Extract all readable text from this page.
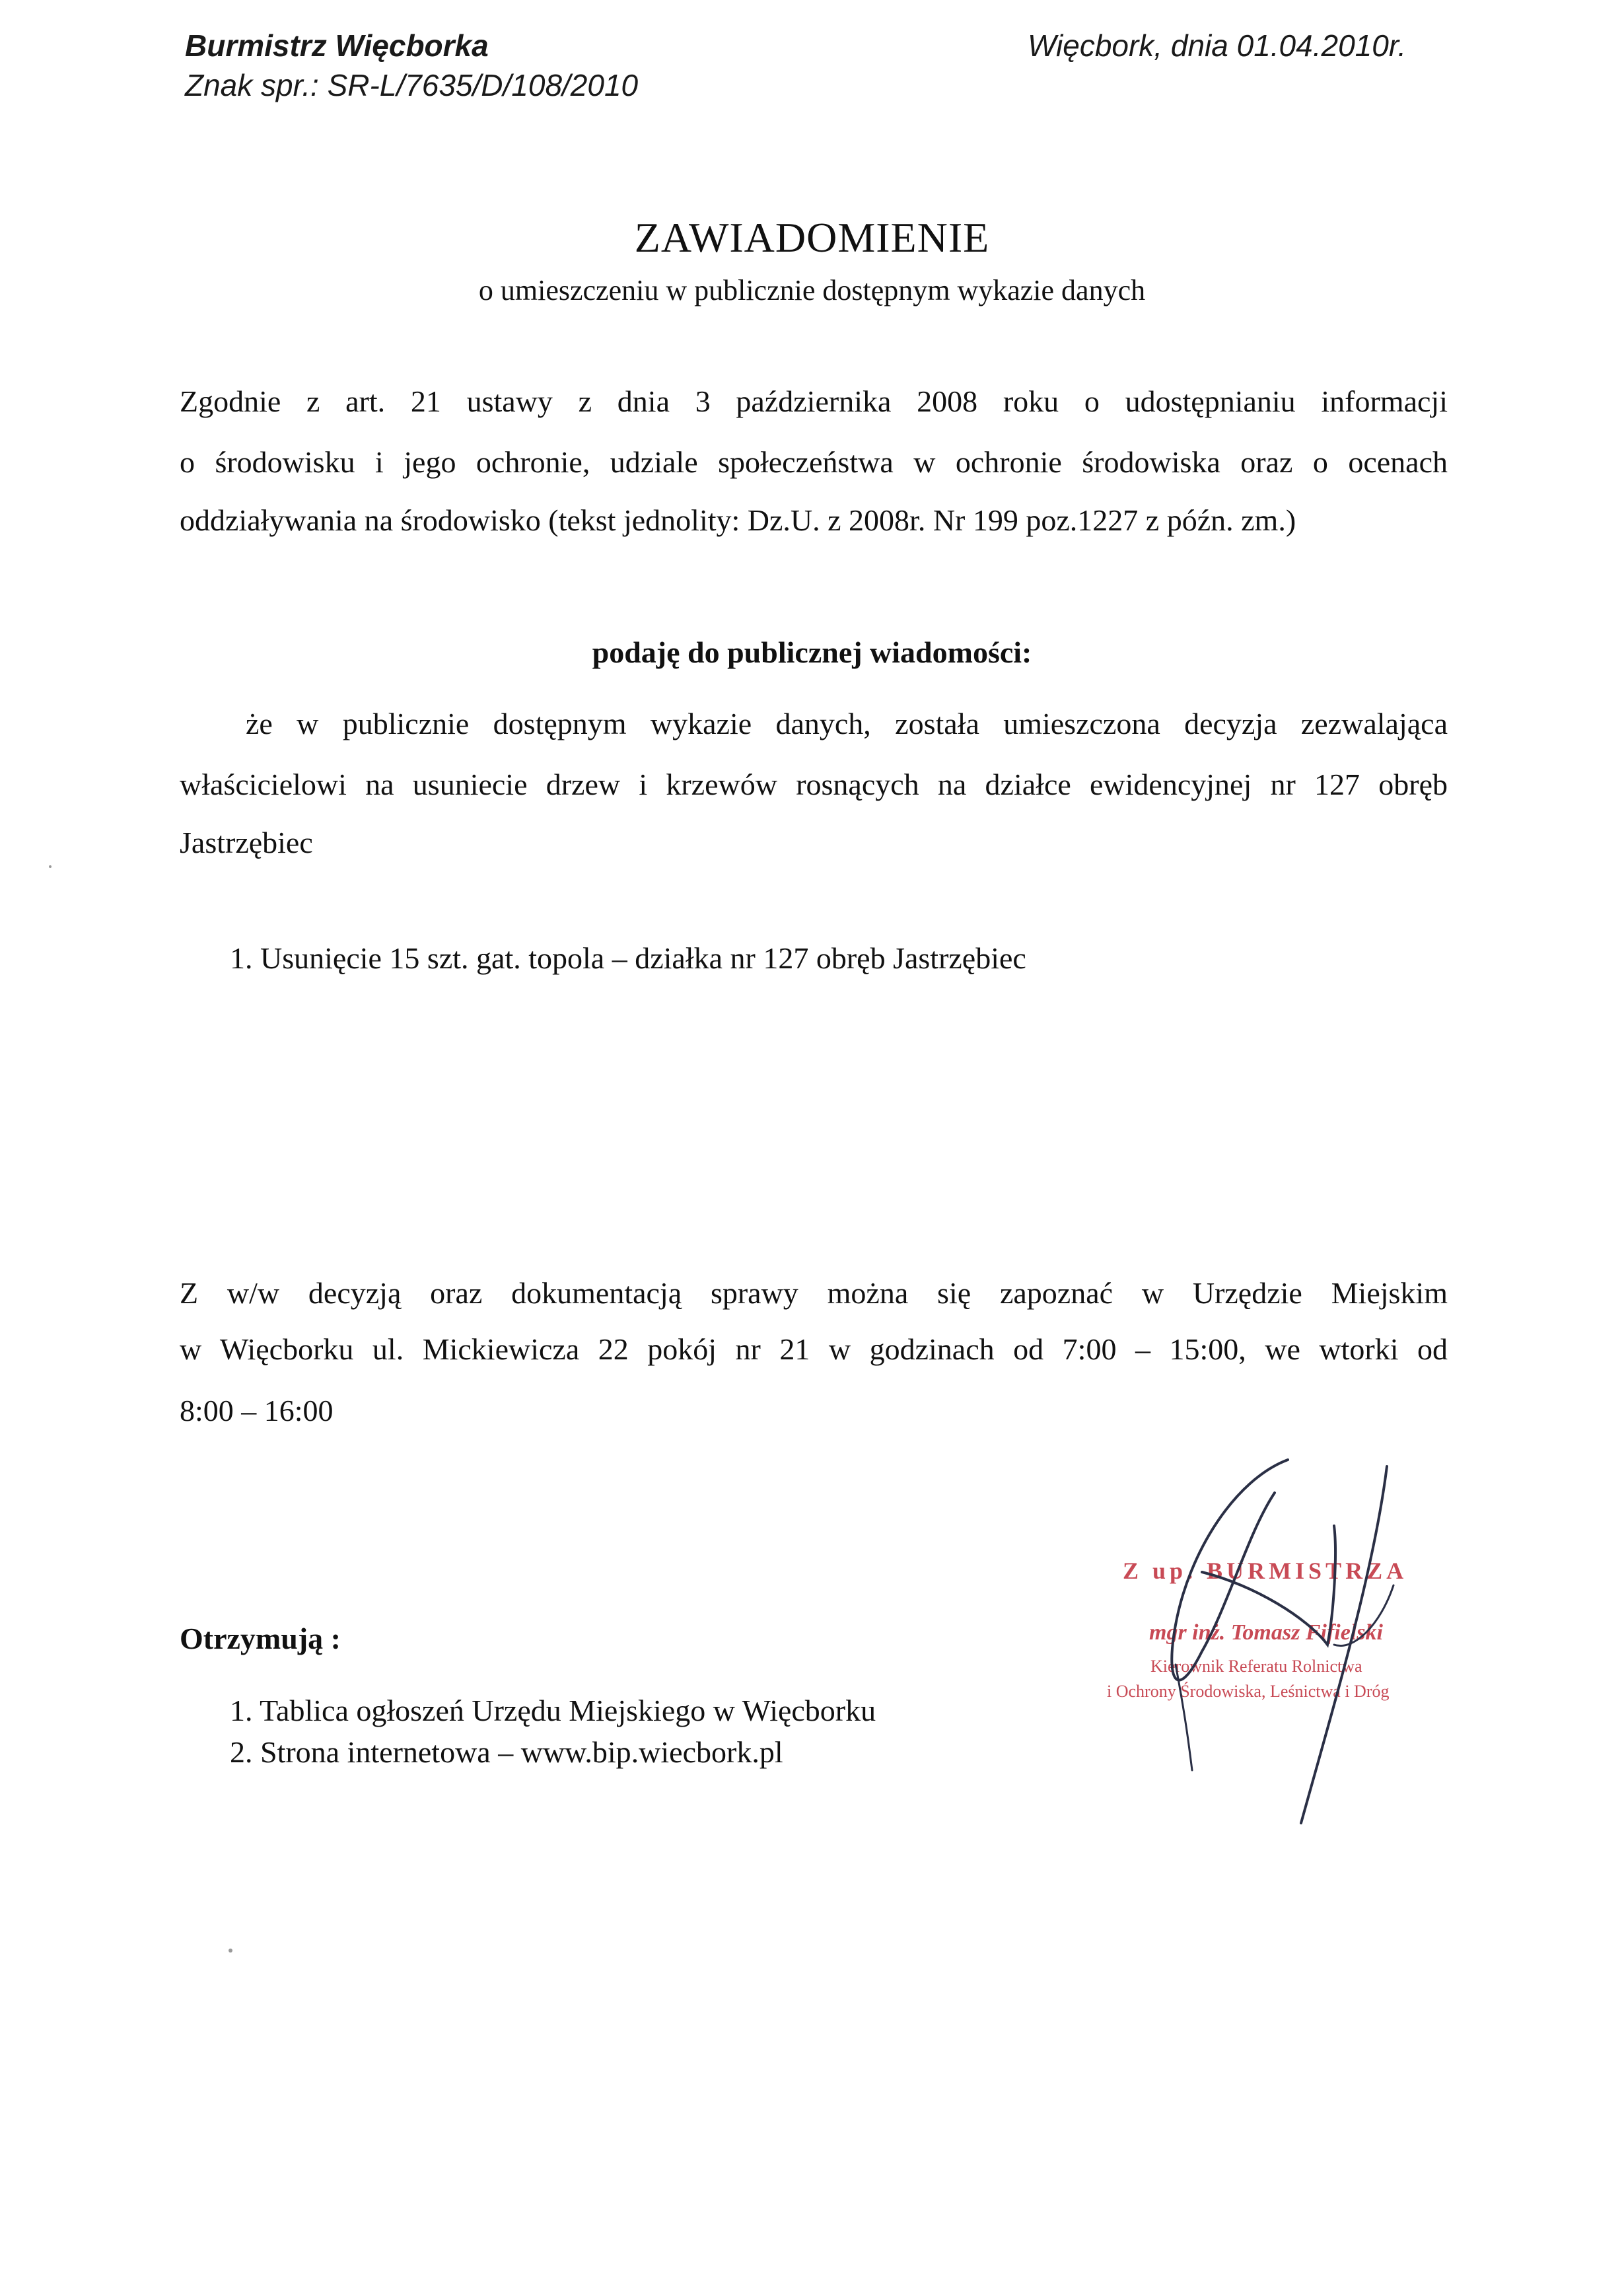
Burmistrz Więcborka
Znak spr.: SR-L/7635/D/108/2010
Więcbork, dnia 01.04.2010r.
ZAWIADOMIENIE
o umieszczeniu w publicznie dostępnym wykazie danych
Zgodnie z art. 21 ustawy z dnia 3 października 2008 roku o udostępnianiu informacji
o środowisku i jego ochronie, udziale społeczeństwa w ochronie środowiska oraz o ocenach
oddziaływania na środowisko (tekst jednolity: Dz.U. z 2008r. Nr 199 poz.1227 z późn. zm.)
podaję do publicznej wiadomości:
że w publicznie dostępnym wykazie danych, została umieszczona decyzja zezwalająca
właścicielowi na usuniecie drzew i krzewów rosnących na działce ewidencyjnej nr 127 obręb
Jastrzębiec
1. Usunięcie 15 szt. gat. topola – działka nr 127 obręb Jastrzębiec
Z w/w decyzją oraz dokumentacją sprawy można się zapoznać w Urzędzie Miejskim
w Więcborku ul. Mickiewicza 22 pokój nr 21 w godzinach od 7:00 – 15:00, we wtorki od
8:00 – 16:00
Otrzymują :
1. Tablica ogłoszeń Urzędu Miejskiego w Więcborku
2. Strona internetowa – www.bip.wiecbork.pl
Z up. BURMISTRZA
mgr inż. Tomasz Fifielski
Kierownik Referatu Rolnictwa
i Ochrony Środowiska, Leśnictwa i Dróg
